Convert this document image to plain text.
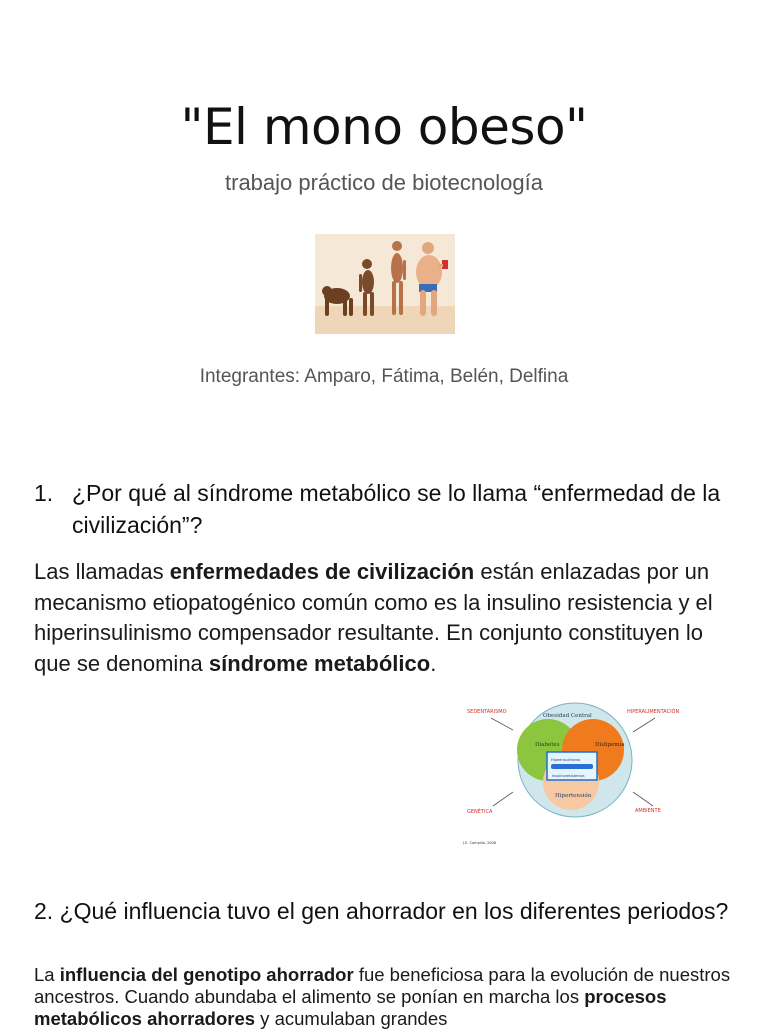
"El mono obeso"
trabajo práctico de biotecnología
Integrantes: Amparo, Fátima, Belén, Delfina
1. ¿Por qué al síndrome metabólico se lo llama “enfermedad de la civilización”?
Las llamadas enfermedades de civilización están enlazadas por un mecanismo etiopatogénico común como es la insulino resistencia y el hiperinsulinismo compensador resultante. En conjunto constituyen lo que se denomina síndrome metabólico.
SEDENTARISMO	HIPERALIMENTACIÓN
GENÉTICA	AMBIENTE
Obesidad Central
Diabetes	Dislipemia
Hiperinsulinismo
Insulinoresistencia
Hipertensión
J.E. Campillo, 2008
2. ¿Qué influencia tuvo el gen ahorrador en los diferentes periodos?
La influencia del genotipo ahorrador fue beneficiosa para la evolución de nuestros ancestros. Cuando abundaba el alimento se ponían en marcha los procesos metabólicos ahorradores y acumulaban grandes
